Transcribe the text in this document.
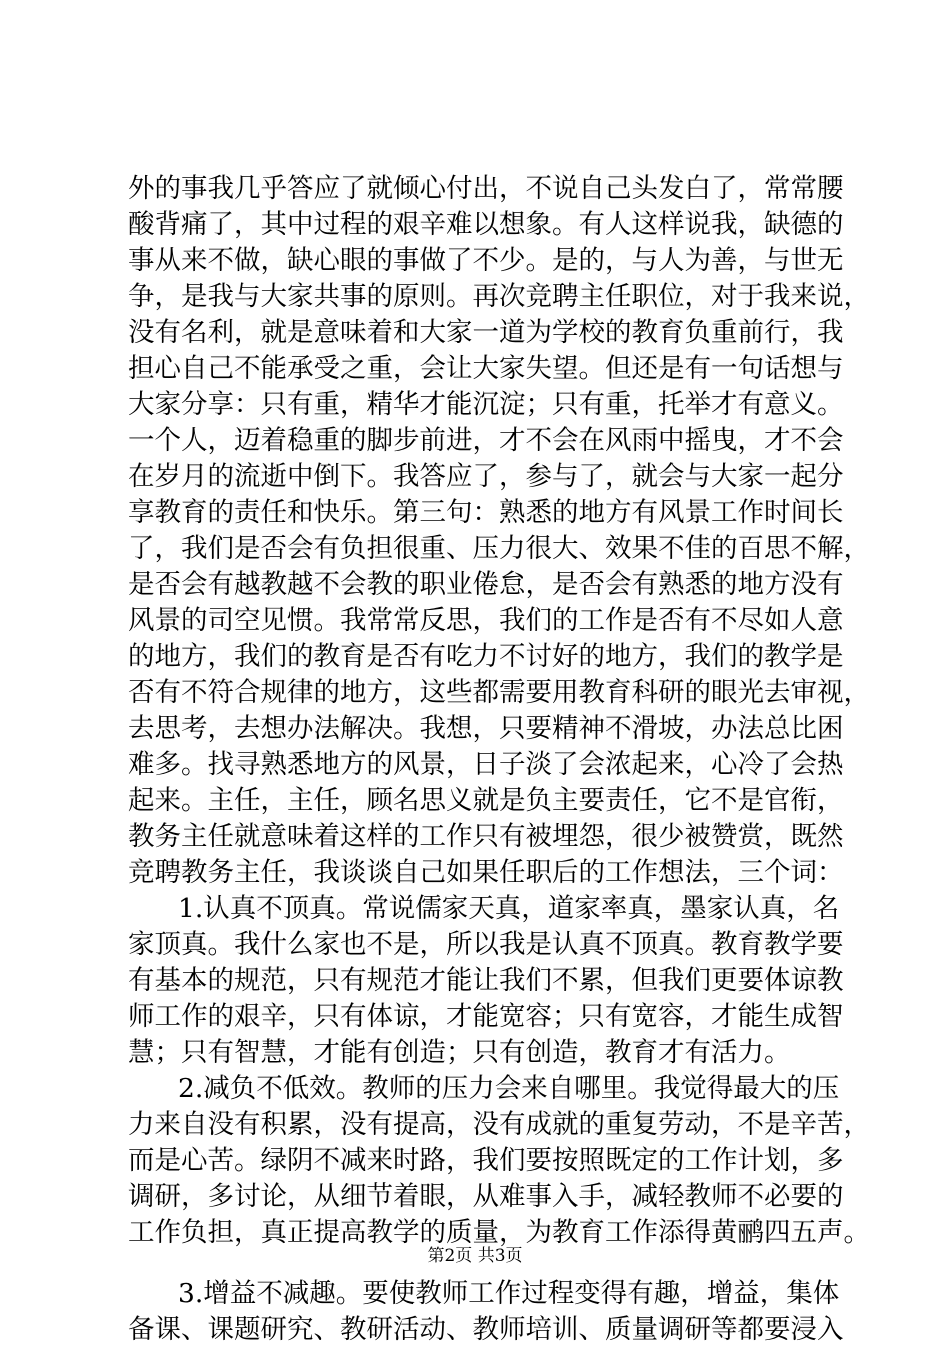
外的事我几乎答应了就倾心付出，不说自己头发白了，常常腰
酸背痛了，其中过程的艰辛难以想象。有人这样说我，缺德的
事从来不做，缺心眼的事做了不少。是的，与人为善，与世无
争，是我与大家共事的原则。再次竞聘主任职位，对于我来说，
没有名利，就是意味着和大家一道为学校的教育负重前行，我
担心自己不能承受之重，会让大家失望。但还是有一句话想与
大家分享：只有重，精华才能沉淀；只有重，托举才有意义。
一个人，迈着稳重的脚步前进，才不会在风雨中摇曳，才不会
在岁月的流逝中倒下。我答应了，参与了，就会与大家一起分
享教育的责任和快乐。第三句：熟悉的地方有风景工作时间长
了，我们是否会有负担很重、压力很大、效果不佳的百思不解，
是否会有越教越不会教的职业倦怠，是否会有熟悉的地方没有
风景的司空见惯。我常常反思，我们的工作是否有不尽如人意
的地方，我们的教育是否有吃力不讨好的地方，我们的教学是
否有不符合规律的地方，这些都需要用教育科研的眼光去审视，
去思考，去想办法解决。我想，只要精神不滑坡，办法总比困
难多。找寻熟悉地方的风景，日子淡了会浓起来，心冷了会热
起来。主任，主任，顾名思义就是负主要责任，它不是官衔，
教务主任就意味着这样的工作只有被埋怨，很少被赞赏，既然
竞聘教务主任，我谈谈自己如果任职后的工作想法，三个词：
1.认真不顶真。常说儒家天真，道家率真，墨家认真，名
家顶真。我什么家也不是，所以我是认真不顶真。教育教学要
有基本的规范，只有规范才能让我们不累，但我们更要体谅教
师工作的艰辛，只有体谅，才能宽容；只有宽容，才能生成智
慧；只有智慧，才能有创造；只有创造，教育才有活力。
2.减负不低效。教师的压力会来自哪里。我觉得最大的压
力来自没有积累，没有提高，没有成就的重复劳动，不是辛苦，
而是心苦。绿阴不减来时路，我们要按照既定的工作计划，多
调研，多讨论，从细节着眼，从难事入手，减轻教师不必要的
工作负担，真正提高教学的质量，为教育工作添得黄鹂四五声。
3.增益不减趣。要使教师工作过程变得有趣，增益，集体
备课、课题研究、教研活动、教师培训、质量调研等都要浸入
第2页 共3页
